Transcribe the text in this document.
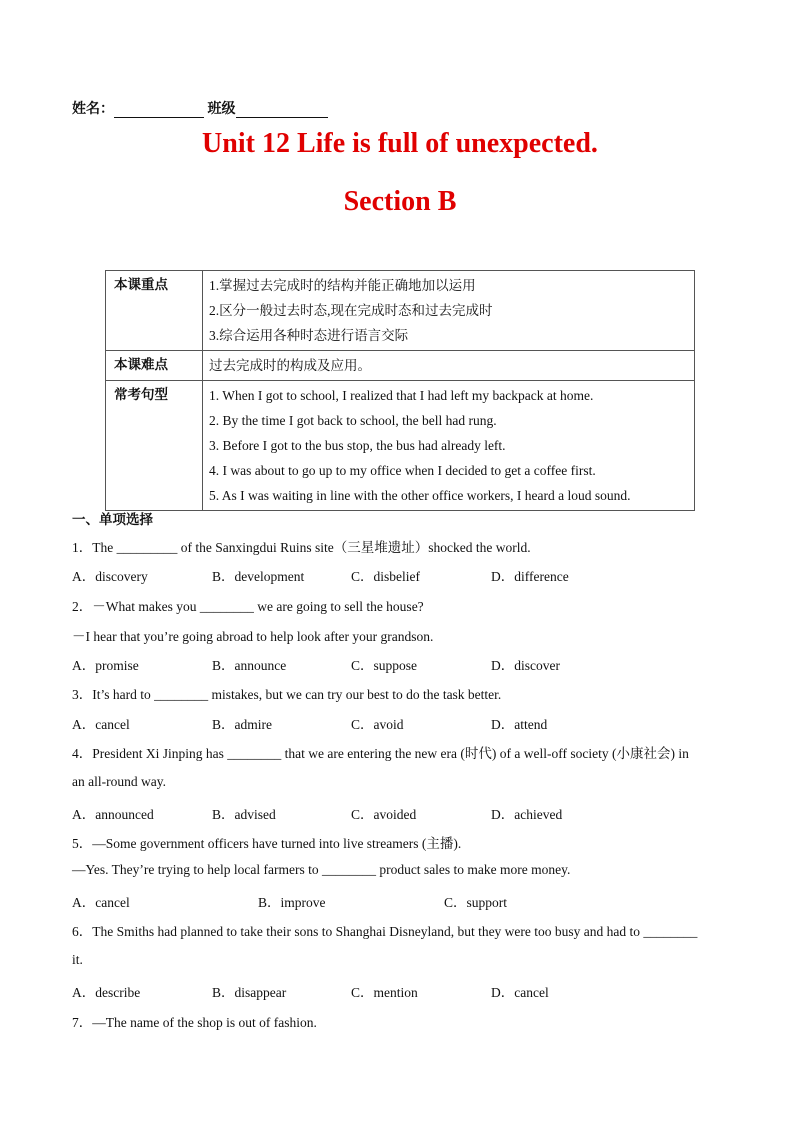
姓名：	班级
Unit 12 Life is full of unexpected.
Section B
本课重点	1.掌握过去完成时的结构并能正确地加以运用
2.区分一般过去时态,现在完成时态和过去完成时
3.综合运用各种时态进行语言交际

本课难点	过去完成时的构成及应用。

常考句型	1. When I got to school, I realized that I had left my backpack at home.
2. By the time I got back to school, the bell had rung.
3. Before I got to the bus stop, the bus had already left.
4. I was about to go up to my office when I decided to get a coffee first.
5. As I was waiting in line with the other office workers, I heard a loud sound.
一、单项选择
1．The _________ of the Sanxingdui Ruins site（三星堆遗址）shocked the world.
A．discovery	B．development	C．disbelief	D．difference
2．－What makes you ________ we are going to sell the house?
－I hear that you’re going abroad to help look after your grandson.
A．promise	B．announce	C．suppose	D．discover
3．It’s hard to ________ mistakes, but we can try our best to do the task better.
A．cancel	B．admire	C．avoid	D．attend
4．President Xi Jinping has ________ that we are entering the new era (时代) of a well-off society (小康社会) in
an all-round way.
A．announced	B．advised	C．avoided	D．achieved
5．—Some government officers have turned into live streamers (主播).
—Yes. They’re trying to help local farmers to ________ product sales to make more money.
A．cancel	B．improve	C．support
6．The Smiths had planned to take their sons to Shanghai Disneyland, but they were too busy and had to ________
it.
A．describe	B．disappear	C．mention	D．cancel
7．—The name of the shop is out of fashion.
